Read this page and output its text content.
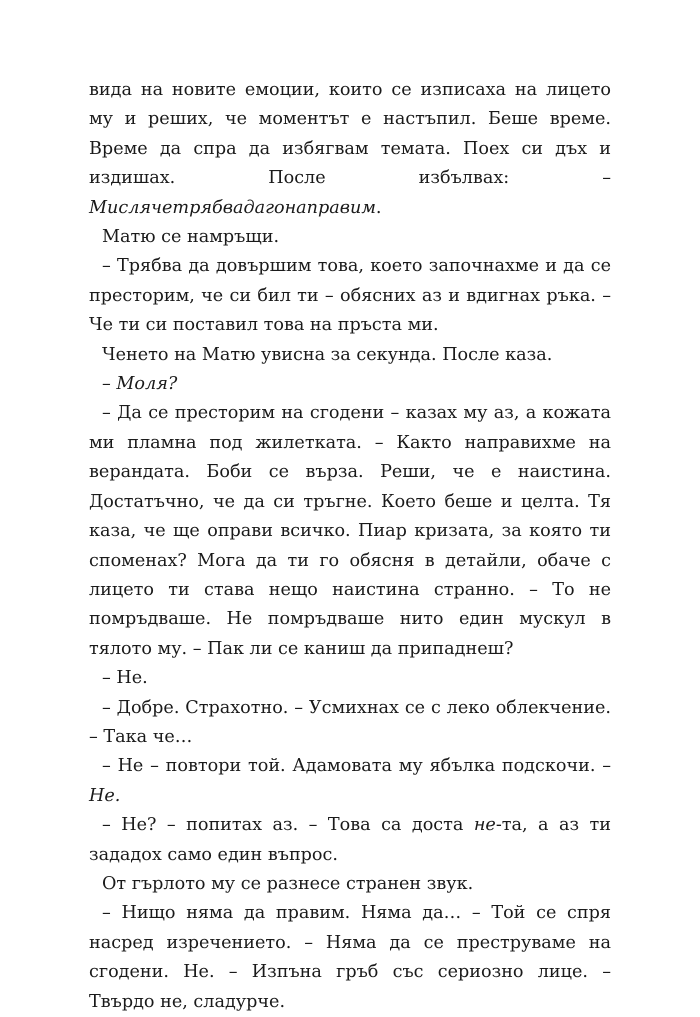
вида на новите емоции, които се изписаха на лицето му и реших, че моментът е настъпил. Беше време. Време да спра да избягвам темата. Поех си дъх и издишах. После избълвах: – Мислячетрябвадагонаправим.

Матю се намръщи.

– Трябва да довършим това, което започнахме и да се престорим, че си бил ти – обясних аз и вдигнах ръка. – Че ти си поставил това на пръста ми.

Ченето на Матю увисна за секунда. После каза.

– Моля?

– Да се престорим на сгодени – казах му аз, а кожата ми пламна под жилетката. – Както направихме на верандата. Боби се върза. Реши, че е наистина. Достатъчно, че да си тръгне. Което беше и целта. Тя каза, че ще оправи всичко. Пиар кризата, за която ти споменах? Мога да ти го обясня в детайли, обаче с лицето ти става нещо наистина странно. – То не помръдваше. Не помръдваше нито един мускул в тялото му. – Пак ли се каниш да припаднеш?

– Не.

– Добре. Страхотно. – Усмихнах се с леко облекчение. – Така че…

– Не – повтори той. Адамовата му ябълка подскочи. – Не.

– Не? – попитах аз. – Това са доста не-та, а аз ти зададох само един въпрос.

От гърлото му се разнесе странен звук.

– Нищо няма да правим. Няма да… – Той се спря насред изречението. – Няма да се преструваме на сгодени. Не. – Изпъна гръб със сериозно лице. – Твърдо не, сладурче.
